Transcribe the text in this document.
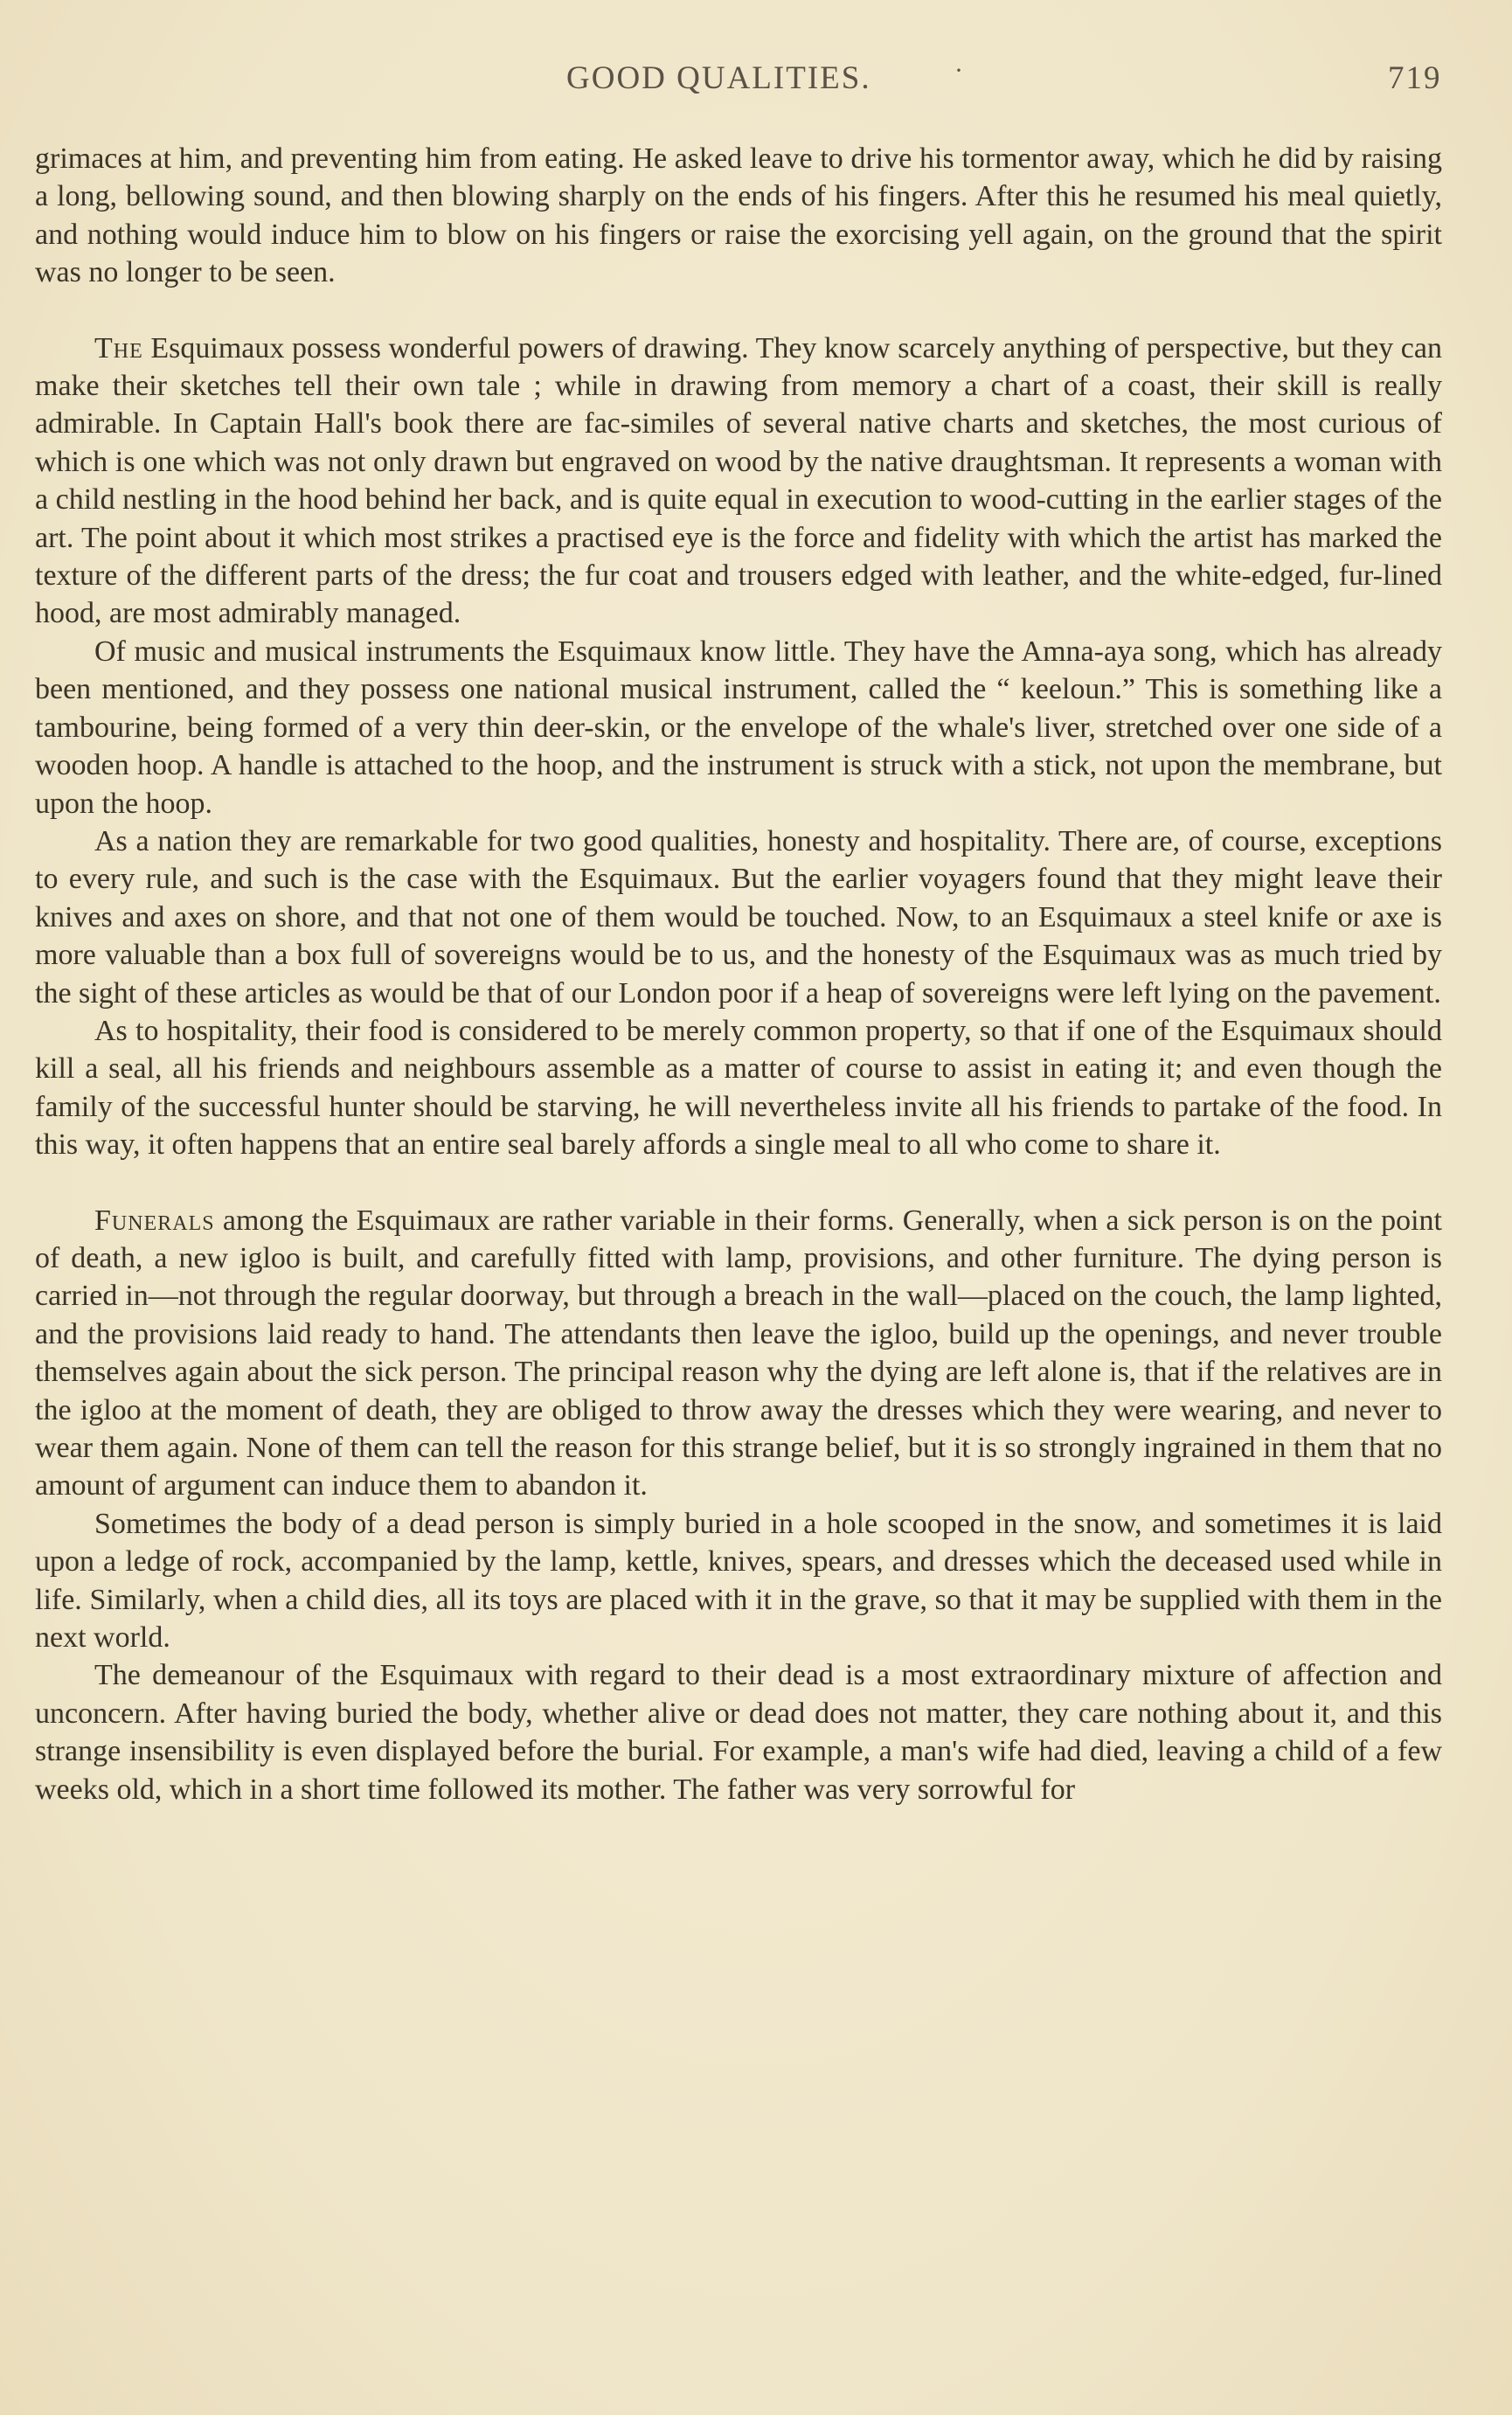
GOOD QUALITIES.	·	719

grimaces at him, and preventing him from eating. He asked leave to drive his tormentor away, which he did by raising a long, bellowing sound, and then blowing sharply on the ends of his fingers. After this he resumed his meal quietly, and nothing would induce him to blow on his fingers or raise the exorcising yell again, on the ground that the spirit was no longer to be seen.

The Esquimaux possess wonderful powers of drawing. They know scarcely anything of perspective, but they can make their sketches tell their own tale ; while in drawing from memory a chart of a coast, their skill is really admirable. In Captain Hall's book there are fac-similes of several native charts and sketches, the most curious of which is one which was not only drawn but engraved on wood by the native draughtsman. It represents a woman with a child nestling in the hood behind her back, and is quite equal in execution to wood-cutting in the earlier stages of the art. The point about it which most strikes a practised eye is the force and fidelity with which the artist has marked the texture of the different parts of the dress; the fur coat and trousers edged with leather, and the white-edged, fur-lined hood, are most admirably managed.

Of music and musical instruments the Esquimaux know little. They have the Amna-aya song, which has already been mentioned, and they possess one national musical instrument, called the “ keeloun.” This is something like a tambourine, being formed of a very thin deer-skin, or the envelope of the whale's liver, stretched over one side of a wooden hoop. A handle is attached to the hoop, and the instrument is struck with a stick, not upon the membrane, but upon the hoop.

As a nation they are remarkable for two good qualities, honesty and hospitality. There are, of course, exceptions to every rule, and such is the case with the Esquimaux. But the earlier voyagers found that they might leave their knives and axes on shore, and that not one of them would be touched. Now, to an Esquimaux a steel knife or axe is more valuable than a box full of sovereigns would be to us, and the honesty of the Esquimaux was as much tried by the sight of these articles as would be that of our London poor if a heap of sovereigns were left lying on the pavement.

As to hospitality, their food is considered to be merely common property, so that if one of the Esquimaux should kill a seal, all his friends and neighbours assemble as a matter of course to assist in eating it; and even though the family of the successful hunter should be starving, he will nevertheless invite all his friends to partake of the food. In this way, it often happens that an entire seal barely affords a single meal to all who come to share it.

Funerals among the Esquimaux are rather variable in their forms. Generally, when a sick person is on the point of death, a new igloo is built, and carefully fitted with lamp, provisions, and other furniture. The dying person is carried in—not through the regular doorway, but through a breach in the wall—placed on the couch, the lamp lighted, and the provisions laid ready to hand. The attendants then leave the igloo, build up the openings, and never trouble themselves again about the sick person. The principal reason why the dying are left alone is, that if the relatives are in the igloo at the moment of death, they are obliged to throw away the dresses which they were wearing, and never to wear them again. None of them can tell the reason for this strange belief, but it is so strongly ingrained in them that no amount of argument can induce them to abandon it.

Sometimes the body of a dead person is simply buried in a hole scooped in the snow, and sometimes it is laid upon a ledge of rock, accompanied by the lamp, kettle, knives, spears, and dresses which the deceased used while in life. Similarly, when a child dies, all its toys are placed with it in the grave, so that it may be supplied with them in the next world.

The demeanour of the Esquimaux with regard to their dead is a most extraordinary mixture of affection and unconcern. After having buried the body, whether alive or dead does not matter, they care nothing about it, and this strange insensibility is even displayed before the burial. For example, a man's wife had died, leaving a child of a few weeks old, which in a short time followed its mother. The father was very sorrowful for
